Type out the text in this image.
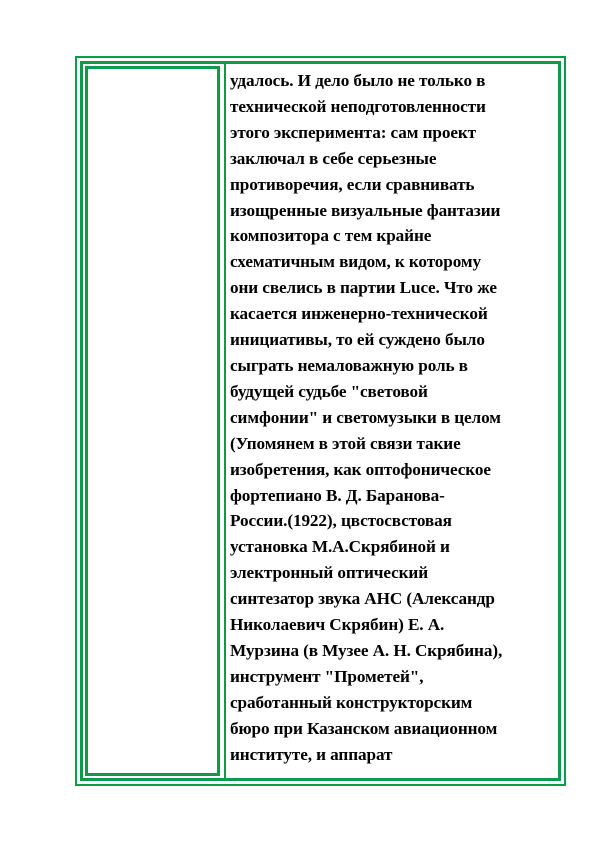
удалось. И дело было не только в
технической неподготовленности
этого эксперимента: сам проект
заключал в себе серьезные
противоречия, если сравнивать
изощренные визуальные фантазии
композитора с тем крайне
схематичным видом, к которому
они свелись в партии Luce. Что же
касается инженерно-технической
инициативы, то ей суждено было
сыграть немаловажную роль в
будущей судьбе "световой
симфонии" и светомузыки в целом
(Упомянем в этой связи такие
изобретения, как оптофоническое
фортепиано В. Д. Баранова-
России.(1922), цвстосвстовая
установка М.А.Скрябиной и
электронный оптический
синтезатор звука АНС (Александр
Николаевич Скрябин) Е. А.
Мурзина (в Музее А. Н. Скрябина),
инструмент "Прометей",
сработанный конструкторским
бюро при Казанском авиационном
институте, и аппарат
